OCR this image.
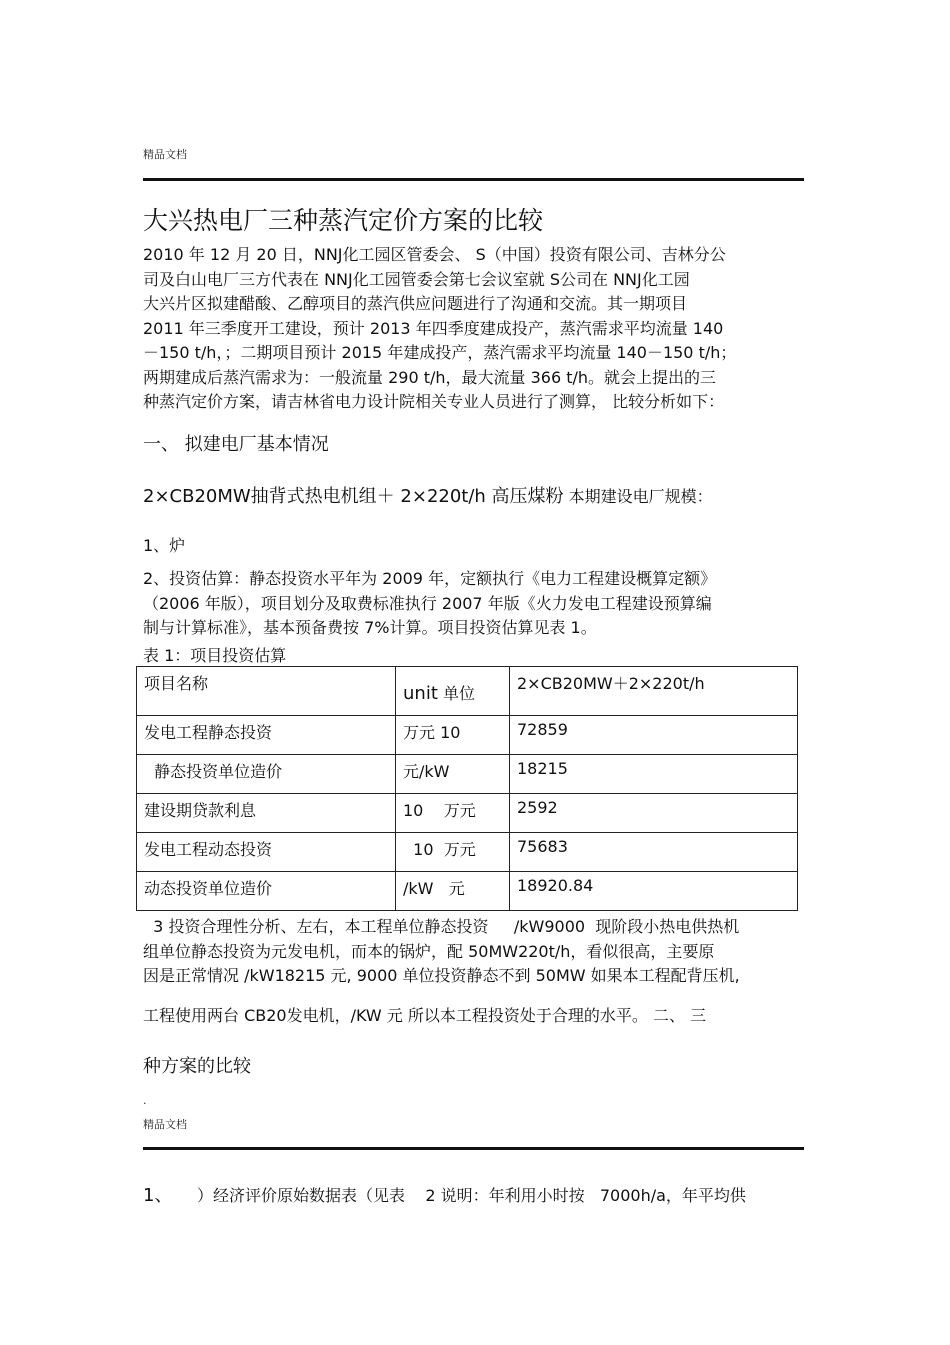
精品文档
大兴热电厂三种蒸汽定价方案的比较
2010 年 12 月 20 日，NNJ化工园区管委会、 S（中国）投资有限公司、吉林分公
司及白山电厂三方代表在 NNJ化工园管委会第七会议室就 S公司在 NNJ化工园
大兴片区拟建醋酸、乙醇项目的蒸汽供应问题进行了沟通和交流。其一期项目
2011 年三季度开工建设，预计 2013 年四季度建成投产，蒸汽需求平均流量 140
－150 t/h，；二期项目预计 2015 年建成投产，蒸汽需求平均流量 140－150 t/h；
两期建成后蒸汽需求为：一般流量 290 t/h，最大流量 366 t/h。就会上提出的三
种蒸汽定价方案，请吉林省电力设计院相关专业人员进行了测算， 比较分析如下：
一、 拟建电厂基本情况
2×CB20MW抽背式热电机组＋ 2×220t/h 高压煤粉 本期建设电厂规模：
1、炉
2、投资估算：静态投资水平年为 2009 年，定额执行《电力工程建设概算定额》
（2006 年版），项目划分及取费标准执行 2007 年版《火力发电工程建设预算编
制与计算标准》，基本预备费按 7%计算。项目投资估算见表 1。
表 1：项目投资估算
项目名称	unit 单位	2×CB20MW＋2×220t/h
发电工程静态投资	万元 10	72859
静态投资单位造价	元/kW	18215
建设期贷款利息	10    万元	2592
发电工程动态投资	10  万元	75683
动态投资单位造价	/kW   元	18920.84
3 投资合理性分析、左右，本工程单位静态投资     /kW9000  现阶段小热电供热机
组单位静态投资为元发电机，而本的锅炉，配 50MW220t/h，看似很高，主要原
因是正常情况 /kW18215 元, 9000 单位投资静态不到 50MW 如果本工程配背压机,
工程使用两台 CB20发电机，/KW 元 所以本工程投资处于合理的水平。 二、 三
种方案的比较
.
精品文档
1、 ）经济评价原始数据表（见表    2 说明：年利用小时按   7000h/a，年平均供
